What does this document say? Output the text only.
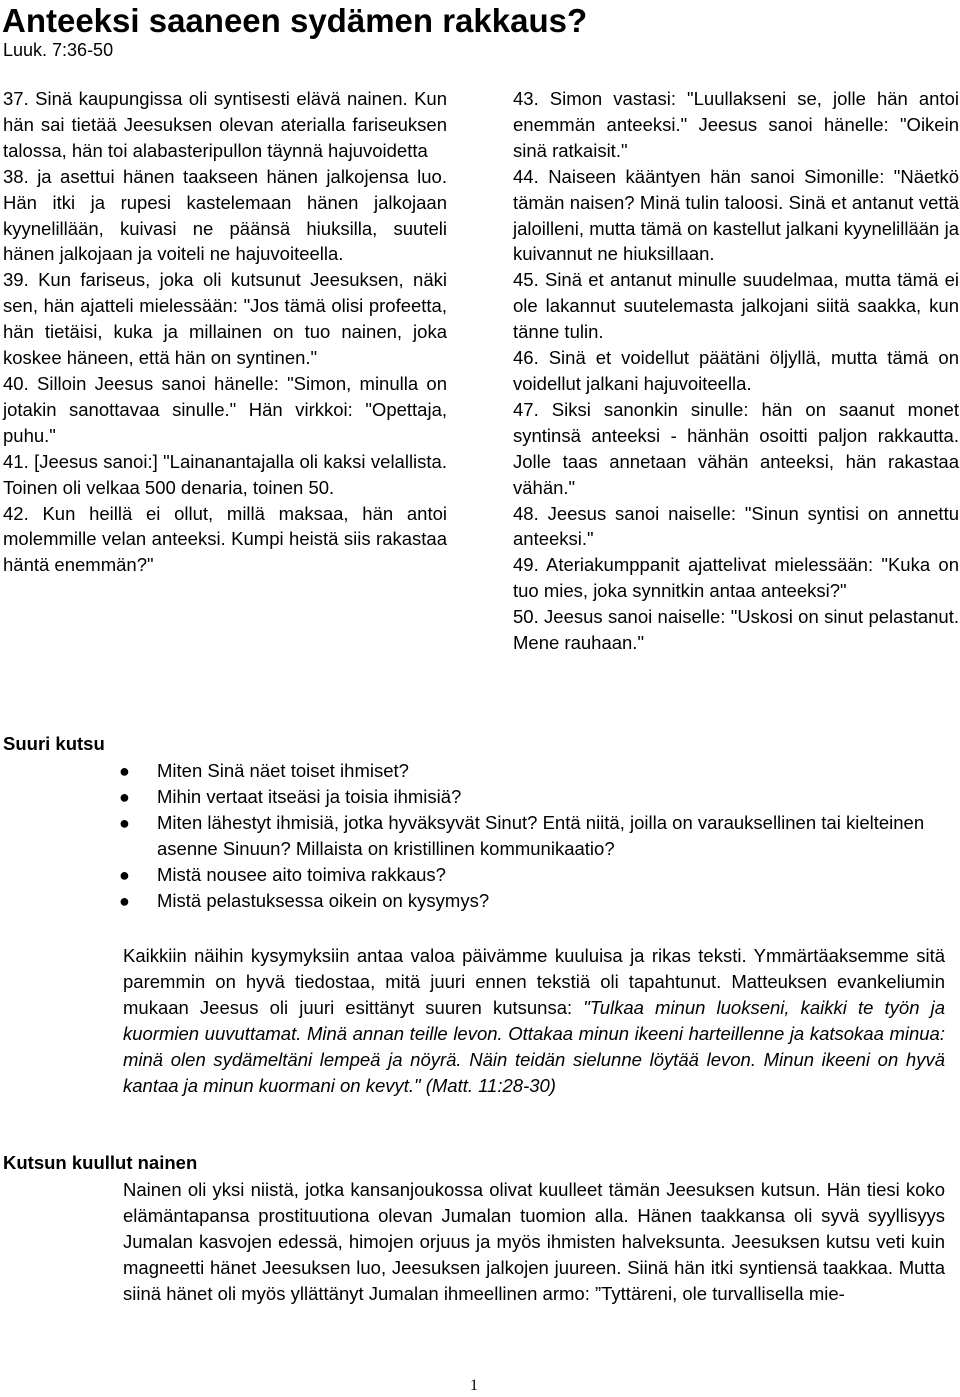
Anteeksi saaneen sydämen rakkaus?
Luuk. 7:36-50

37. Sinä kaupungissa oli syntisesti elävä nainen. Kun hän sai tietää Jeesuksen olevan aterialla fariseuksen talossa, hän toi alabasteripullon täynnä hajuvoidetta

38. ja asettui hänen taakseen hänen jalkojensa luo. Hän itki ja rupesi kastelemaan hänen jalkojaan kyynelillään, kuivasi ne päänsä hiuksilla, suuteli hänen jalkojaan ja voiteli ne hajuvoiteella.

39. Kun fariseus, joka oli kutsunut Jeesuksen, näki sen, hän ajatteli mielessään: "Jos tämä olisi profeetta, hän tietäisi, kuka ja millainen on tuo nainen, joka koskee häneen, että hän on syntinen."

40. Silloin Jeesus sanoi hänelle: "Simon, minulla on jotakin sanottavaa sinulle." Hän virkkoi: "Opettaja, puhu."

41. [Jeesus sanoi:] "Lainanantajalla oli kaksi velallista. Toinen oli velkaa 500 denaria, toinen 50.

42. Kun heillä ei ollut, millä maksaa, hän antoi molemmille velan anteeksi. Kumpi heistä siis rakastaa häntä enemmän?"

43. Simon vastasi: "Luullakseni se, jolle hän antoi enemmän anteeksi." Jeesus sanoi hänelle: "Oikein sinä ratkaisit."

44. Naiseen kääntyen hän sanoi Simonille: "Näetkö tämän naisen? Minä tulin taloosi. Sinä et antanut vettä jaloilleni, mutta tämä on kastellut jalkani kyynelillään ja kuivannut ne hiuksillaan.

45. Sinä et antanut minulle suudelmaa, mutta tämä ei ole lakannut suutelemasta jalkojani siitä saakka, kun tänne tulin.

46. Sinä et voidellut päätäni öljyllä, mutta tämä on voidellut jalkani hajuvoiteella.

47. Siksi sanonkin sinulle: hän on saanut monet syntinsä anteeksi - hänhän osoitti paljon rakkautta. Jolle taas annetaan vähän anteeksi, hän rakastaa vähän."

48. Jeesus sanoi naiselle: "Sinun syntisi on annettu anteeksi."

49. Ateriakumppanit ajattelivat mielessään: "Kuka on tuo mies, joka synnitkin antaa anteeksi?"

50. Jeesus sanoi naiselle: "Uskosi on sinut pelastanut. Mene rauhaan."

Suuri kutsu
● Miten Sinä näet toiset ihmiset?
● Mihin vertaat itseäsi ja toisia ihmisiä?
● Miten lähestyt ihmisiä, jotka hyväksyvät Sinut? Entä niitä, joilla on varauksellinen tai kielteinen asenne Sinuun? Millaista on kristillinen kommunikaatio?
● Mistä nousee aito toimiva rakkaus?
● Mistä pelastuksessa oikein on kysymys?

Kaikkiin näihin kysymyksiin antaa valoa päivämme kuuluisa ja rikas teksti. Ymmärtäaksemme sitä paremmin on hyvä tiedostaa, mitä juuri ennen tekstiä oli tapahtunut. Matteuksen evankeliumin mukaan Jeesus oli juuri esittänyt suuren kutsunsa: "Tulkaa minun luokseni, kaikki te työn ja kuormien uuvuttamat. Minä annan teille levon. Ottakaa minun ikeeni harteillenne ja katsokaa minua: minä olen sydämeltäni lempeä ja nöyrä. Näin teidän sielunne löytää levon. Minun ikeeni on hyvä kantaa ja minun kuormani on kevyt." (Matt. 11:28-30)

Kutsun kuullut nainen

Nainen oli yksi niistä, jotka kansanjoukossa olivat kuulleet tämän Jeesuksen kutsun. Hän tiesi koko elämäntapansa prostituutiona olevan Jumalan tuomion alla. Hänen taakkansa oli syvä syyllisyys Jumalan kasvojen edessä, himojen orjuus ja myös ihmisten halveksunta. Jeesuksen kutsu veti kuin magneetti hänet Jeesuksen luo, Jeesuksen jalkojen juureen. Siinä hän itki syntiensä taakkaa. Mutta siinä hänet oli myös yllättänyt Jumalan ihmeellinen armo: ”Tyttäreni, ole turvallisella mie-

1
